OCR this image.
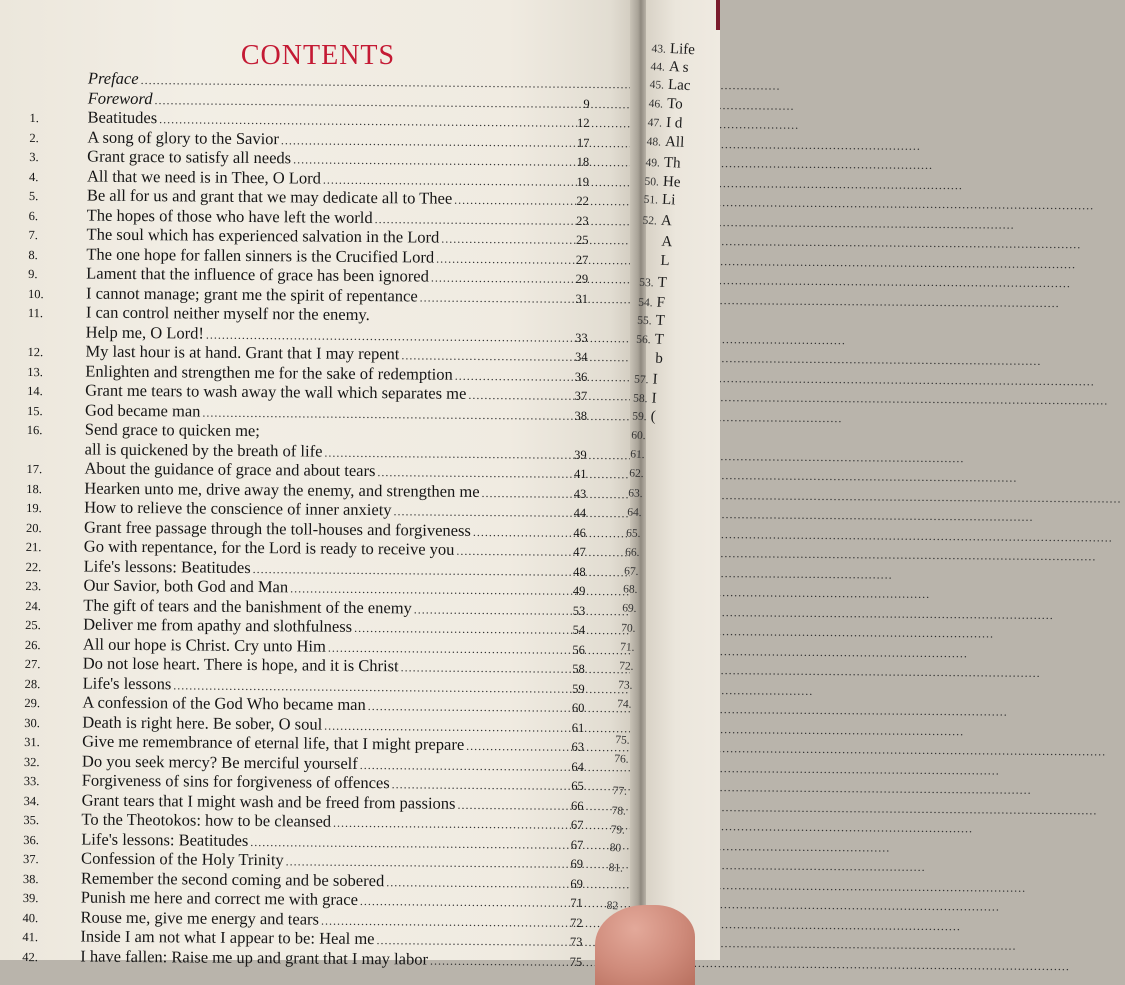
CONTENTS
Preface
.....
Foreword .....	9
1.	Beatitudes .....	12
2.	A song of glory to the Savior .....	17
3.	Grant grace to satisfy all needs .....	18
4.	All that we need is in Thee, O Lord .....	19
5.	Be all for us and grant that we may dedicate all to Thee .....	22
6.	The hopes of those who have left the world .....	23
7.	The soul which has experienced salvation in the Lord .....	25
8.	The one hope for fallen sinners is the Crucified Lord .....	27
9.	Lament that the influence of grace has been ignored .....	29
10.	I cannot manage; grant me the spirit of repentance .....	31
11.	I can control neither myself nor the enemy.
Help me, O Lord! .....	33
12.	My last hour is at hand. Grant that I may repent .....	34
13.	Enlighten and strengthen me for the sake of redemption .....	36
14.	Grant me tears to wash away the wall which separates me .....	37
15.	God became man .....	38
16.	Send grace to quicken me;
all is quickened by the breath of life .....	39
17.	About the guidance of grace and about tears .....	41
18.	Hearken unto me, drive away the enemy, and strengthen me .....	43
19.	How to relieve the conscience of inner anxiety .....	44
20.	Grant free passage through the toll-houses and forgiveness .....	46
21.	Go with repentance, for the Lord is ready to receive you .....	47
22.	Life's lessons: Beatitudes .....	48
23.	Our Savior, both God and Man .....	49
24.	The gift of tears and the banishment of the enemy .....	53
25.	Deliver me from apathy and slothfulness .....	54
26.	All our hope is Christ. Cry unto Him .....	56
27.	Do not lose heart. There is hope, and it is Christ .....	58
28.	Life's lessons .....	59
29.	A confession of the God Who became man .....	60
30.	Death is right here. Be sober, O soul .....	61
31.	Give me remembrance of eternal life, that I might prepare .....	63
32.	Do you seek mercy? Be merciful yourself .....	64
33.	Forgiveness of sins for forgiveness of offences .....	65
34.	Grant tears that I might wash and be freed from passions .....	66
35.	To the Theotokos: how to be cleansed .....	67
36.	Life's lessons: Beatitudes .....	67
37.	Confession of the Holy Trinity .....	69
38.	Remember the second coming and be sobered .....	69
39.	Punish me here and correct me with grace .....	71
40.	Rouse me, give me energy and tears .....	72
41.	Inside I am not what I appear to be: Heal me .....	73
42.	I have fallen: Raise me up and grant that I may labor .....	75
43. Life
44. A s
45. Lac
46. To
47. I d
48. All
49. Th
50. He
51. Li
52. A
A
L
53. T
54. F
55. T
56. T
b
57. I
58. I
59. (
60.
61.
62.
63.
64.
65.
66.
67.
68.
69.
70.
71.
72.
73.
74.
75.
76.
77.
78.
79.
80
81.
82
